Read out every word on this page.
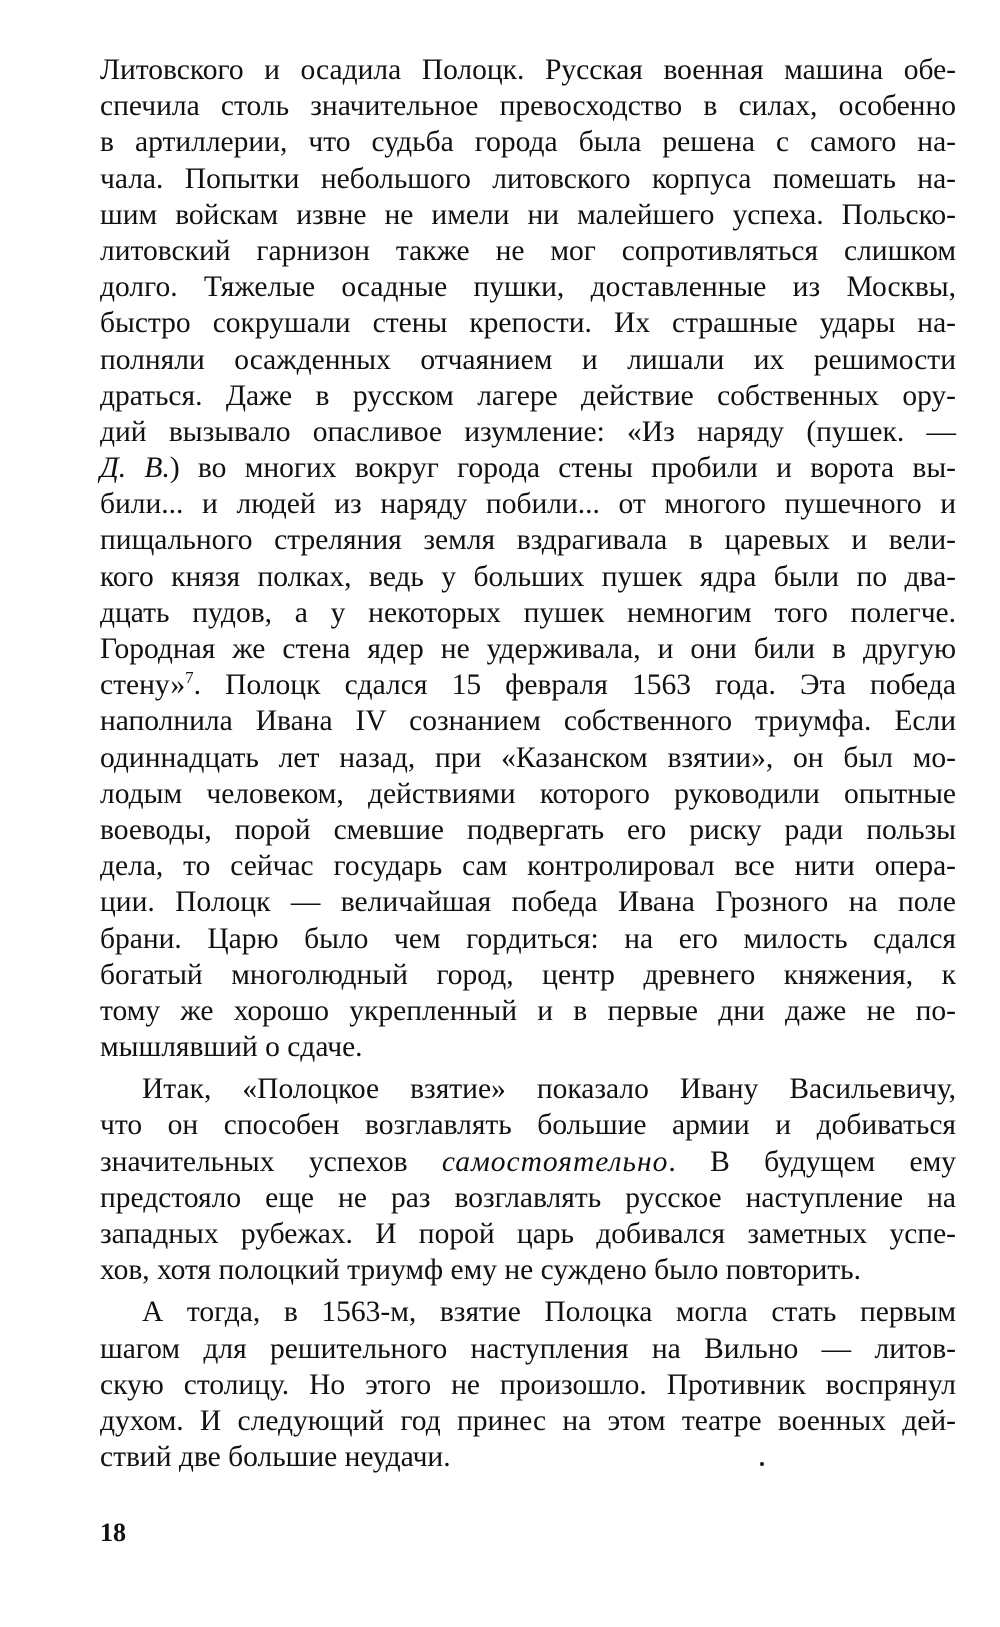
Литовского и осадила Полоцк. Русская военная машина обе-
спечила столь значительное превосходство в силах, особенно
в артиллерии, что судьба города была решена с самого на-
чала. Попытки небольшого литовского корпуса помешать на-
шим войскам извне не имели ни малейшего успеха. Польско-
литовский гарнизон также не мог сопротивляться слишком
долго. Тяжелые осадные пушки, доставленные из Москвы,
быстро сокрушали стены крепости. Их страшные удары на-
полняли осажденных отчаянием и лишали их решимости
драться. Даже в русском лагере действие собственных ору-
дий вызывало опасливое изумление: «Из наряду (пушек. —
Д. В.) во многих вокруг города стены пробили и ворота вы-
били... и людей из наряду побили... от многого пушечного и
пищального стреляния земля вздрагивала в царевых и вели-
кого князя полках, ведь у больших пушек ядра были по два-
дцать пудов, а у некоторых пушек немногим того полегче.
Городная же стена ядер не удерживала, и они били в другую
стену»$^7$. Полоцк сдался 15 февраля 1563 года. Эта победа
наполнила Ивана IV сознанием собственного триумфа. Если
одиннадцать лет назад, при «Казанском взятии», он был мо-
лодым человеком, действиями которого руководили опытные
воеводы, порой смевшие подвергать его риску ради пользы
дела, то сейчас государь сам контролировал все нити опера-
ции. Полоцк — величайшая победа Ивана Грозного на поле
брани. Царю было чем гордиться: на его милость сдался
богатый многолюдный город, центр древнего княжения, к
тому же хорошо укрепленный и в первые дни даже не по-
мышлявший о сдаче.
Итак, «Полоцкое взятие» показало Ивану Васильевичу,
что он способен возглавлять большие армии и добиваться
значительных успехов самостоятельно. В будущем ему
предстояло еще не раз возглавлять русское наступление на
западных рубежах. И порой царь добивался заметных успе-
хов, хотя полоцкий триумф ему не суждено было повторить.
А тогда, в 1563-м, взятие Полоцка могла стать первым
шагом для решительного наступления на Вильно — литов-
скую столицу. Но этого не произошло. Противник воспрянул
духом. И следующий год принес на этом театре военных дей-
ствий две большие неудачи.
18
